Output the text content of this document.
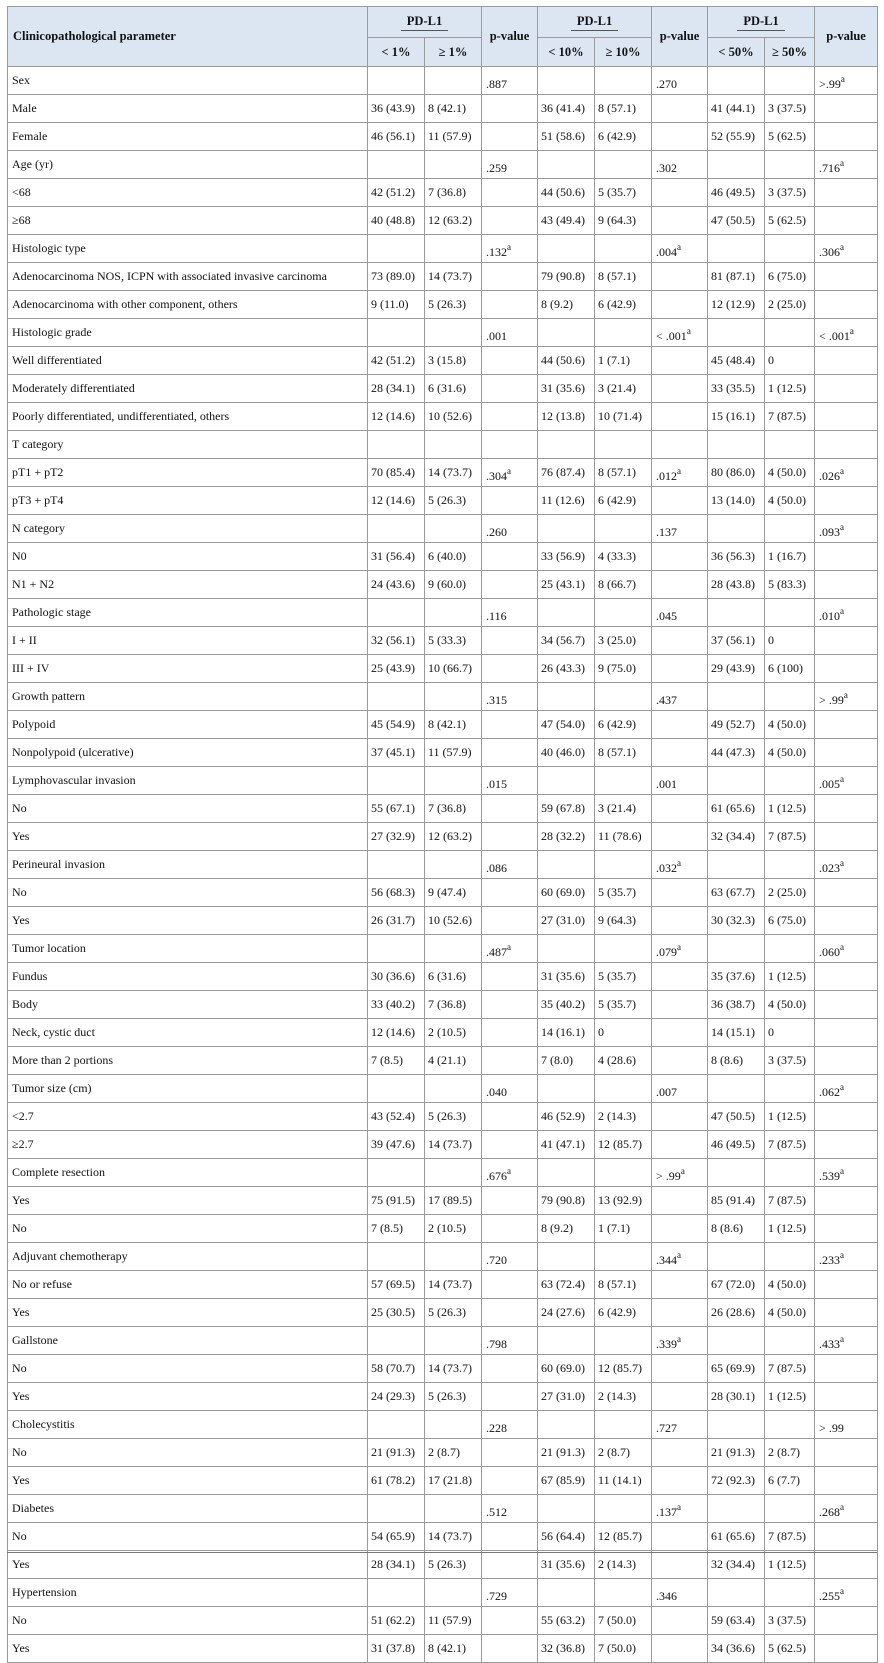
Clinicopathological parameter	PD-L1		p-value	PD-L1		p-value	PD-L1		p-value
	< 1%	≥ 1%		< 10%	≥ 10%		< 50%	≥ 50%	
Sex			.887			.270			>.99$^a$
Male	36 (43.9)	8 (42.1)		36 (41.4)	8 (57.1)		41 (44.1)	3 (37.5)	
Female	46 (56.1)	11 (57.9)		51 (58.6)	6 (42.9)		52 (55.9)	5 (62.5)	
Age (yr)			.259			.302			.716$^a$
<68	42 (51.2)	7 (36.8)		44 (50.6)	5 (35.7)		46 (49.5)	3 (37.5)	
≥68	40 (48.8)	12 (63.2)		43 (49.4)	9 (64.3)		47 (50.5)	5 (62.5)	
Histologic type			.132$^a$			.004$^a$			.306$^a$
Adenocarcinoma NOS, ICPN with associated invasive carcinoma	73 (89.0)	14 (73.7)		79 (90.8)	8 (57.1)		81 (87.1)	6 (75.0)	
Adenocarcinoma with other component, others	9 (11.0)	5 (26.3)		8 (9.2)	6 (42.9)		12 (12.9)	2 (25.0)	
Histologic grade			.001			< .001$^a$			< .001$^a$
Well differentiated	42 (51.2)	3 (15.8)		44 (50.6)	1 (7.1)		45 (48.4)	0	
Moderately differentiated	28 (34.1)	6 (31.6)		31 (35.6)	3 (21.4)		33 (35.5)	1 (12.5)	
Poorly differentiated, undifferentiated, others	12 (14.6)	10 (52.6)		12 (13.8)	10 (71.4)		15 (16.1)	7 (87.5)	
T category									
pT1 + pT2	70 (85.4)	14 (73.7)	.304$^a$	76 (87.4)	8 (57.1)	.012$^a$	80 (86.0)	4 (50.0)	.026$^a$
pT3 + pT4	12 (14.6)	5 (26.3)		11 (12.6)	6 (42.9)		13 (14.0)	4 (50.0)	
N category			.260			.137			.093$^a$
N0	31 (56.4)	6 (40.0)		33 (56.9)	4 (33.3)		36 (56.3)	1 (16.7)	
N1 + N2	24 (43.6)	9 (60.0)		25 (43.1)	8 (66.7)		28 (43.8)	5 (83.3)	
Pathologic stage			.116			.045			.010$^a$
I + II	32 (56.1)	5 (33.3)		34 (56.7)	3 (25.0)		37 (56.1)	0	
III + IV	25 (43.9)	10 (66.7)		26 (43.3)	9 (75.0)		29 (43.9)	6 (100)	
Growth pattern			.315			.437			> .99$^a$
Polypoid	45 (54.9)	8 (42.1)		47 (54.0)	6 (42.9)		49 (52.7)	4 (50.0)	
Nonpolypoid (ulcerative)	37 (45.1)	11 (57.9)		40 (46.0)	8 (57.1)		44 (47.3)	4 (50.0)	
Lymphovascular invasion			.015			.001			.005$^a$
No	55 (67.1)	7 (36.8)		59 (67.8)	3 (21.4)		61 (65.6)	1 (12.5)	
Yes	27 (32.9)	12 (63.2)		28 (32.2)	11 (78.6)		32 (34.4)	7 (87.5)	
Perineural invasion			.086			.032$^a$			.023$^a$
No	56 (68.3)	9 (47.4)		60 (69.0)	5 (35.7)		63 (67.7)	2 (25.0)	
Yes	26 (31.7)	10 (52.6)		27 (31.0)	9 (64.3)		30 (32.3)	6 (75.0)	
Tumor location			.487$^a$			.079$^a$			.060$^a$
Fundus	30 (36.6)	6 (31.6)		31 (35.6)	5 (35.7)		35 (37.6)	1 (12.5)	
Body	33 (40.2)	7 (36.8)		35 (40.2)	5 (35.7)		36 (38.7)	4 (50.0)	
Neck, cystic duct	12 (14.6)	2 (10.5)		14 (16.1)	0		14 (15.1)	0	
More than 2 portions	7 (8.5)	4 (21.1)		7 (8.0)	4 (28.6)		8 (8.6)	3 (37.5)	
Tumor size (cm)			.040			.007			.062$^a$
<2.7	43 (52.4)	5 (26.3)		46 (52.9)	2 (14.3)		47 (50.5)	1 (12.5)	
≥2.7	39 (47.6)	14 (73.7)		41 (47.1)	12 (85.7)		46 (49.5)	7 (87.5)	
Complete resection			.676$^a$			> .99$^a$			.539$^a$
Yes	75 (91.5)	17 (89.5)		79 (90.8)	13 (92.9)		85 (91.4)	7 (87.5)	
No	7 (8.5)	2 (10.5)		8 (9.2)	1 (7.1)		8 (8.6)	1 (12.5)	
Adjuvant chemotherapy			.720			.344$^a$			.233$^a$
No or refuse	57 (69.5)	14 (73.7)		63 (72.4)	8 (57.1)		67 (72.0)	4 (50.0)	
Yes	25 (30.5)	5 (26.3)		24 (27.6)	6 (42.9)		26 (28.6)	4 (50.0)	
Gallstone			.798			.339$^a$			.433$^a$
No	58 (70.7)	14 (73.7)		60 (69.0)	12 (85.7)		65 (69.9)	7 (87.5)	
Yes	24 (29.3)	5 (26.3)		27 (31.0)	2 (14.3)		28 (30.1)	1 (12.5)	
Cholecystitis			.228			.727			> .99
No	21 (91.3)	2 (8.7)		21 (91.3)	2 (8.7)		21 (91.3)	2 (8.7)	
Yes	61 (78.2)	17 (21.8)		67 (85.9)	11 (14.1)		72 (92.3)	6 (7.7)	
Diabetes			.512			.137$^a$			.268$^a$
No	54 (65.9)	14 (73.7)		56 (64.4)	12 (85.7)		61 (65.6)	7 (87.5)	
Yes	28 (34.1)	5 (26.3)		31 (35.6)	2 (14.3)		32 (34.4)	1 (12.5)	
Hypertension			.729			.346			.255$^a$
No	51 (62.2)	11 (57.9)		55 (63.2)	7 (50.0)		59 (63.4)	3 (37.5)	
Yes	31 (37.8)	8 (42.1)		32 (36.8)	7 (50.0)		34 (36.6)	5 (62.5)	
